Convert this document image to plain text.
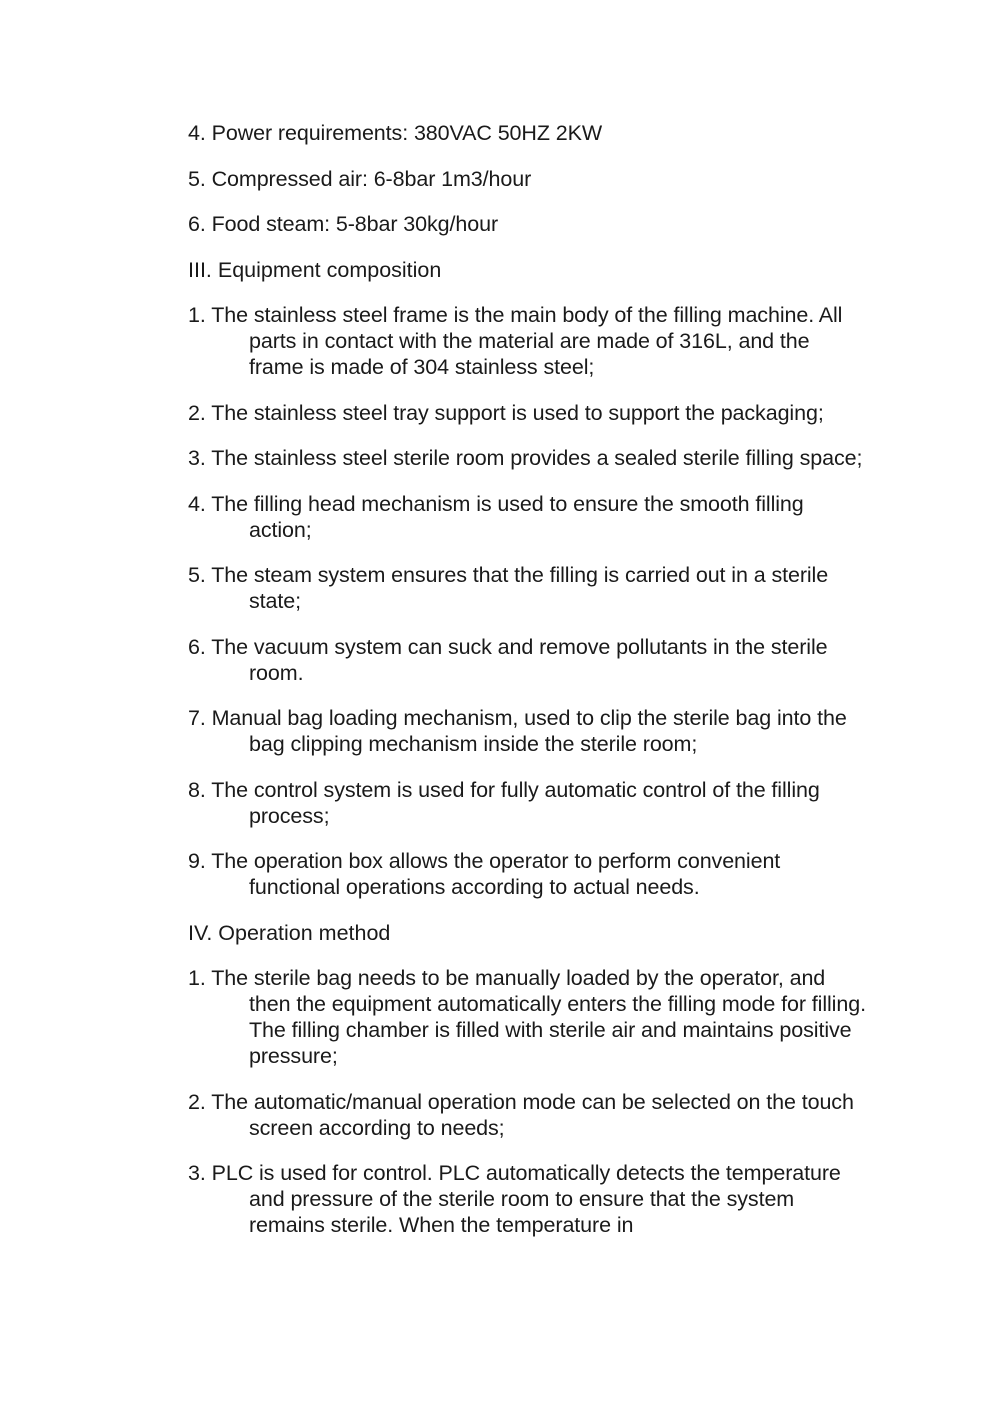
4. Power requirements: 380VAC 50HZ 2KW

5. Compressed air: 6-8bar 1m3/hour

6. Food steam: 5-8bar 30kg/hour

III. Equipment composition

1. The stainless steel frame is the main body of the filling machine. All parts in contact with the material are made of 316L, and the frame is made of 304 stainless steel;

2. The stainless steel tray support is used to support the packaging;

3. The stainless steel sterile room provides a sealed sterile filling space;

4. The filling head mechanism is used to ensure the smooth filling action;

5. The steam system ensures that the filling is carried out in a sterile state;

6. The vacuum system can suck and remove pollutants in the sterile room.

7. Manual bag loading mechanism, used to clip the sterile bag into the bag clipping mechanism inside the sterile room;

8. The control system is used for fully automatic control of the filling process;

9. The operation box allows the operator to perform convenient functional operations according to actual needs.

IV. Operation method

1. The sterile bag needs to be manually loaded by the operator, and then the equipment automatically enters the filling mode for filling. The filling chamber is filled with sterile air and maintains positive pressure;

2. The automatic/manual operation mode can be selected on the touch screen according to needs;

3. PLC is used for control. PLC automatically detects the temperature and pressure of the sterile room to ensure that the system remains sterile. When the temperature in
